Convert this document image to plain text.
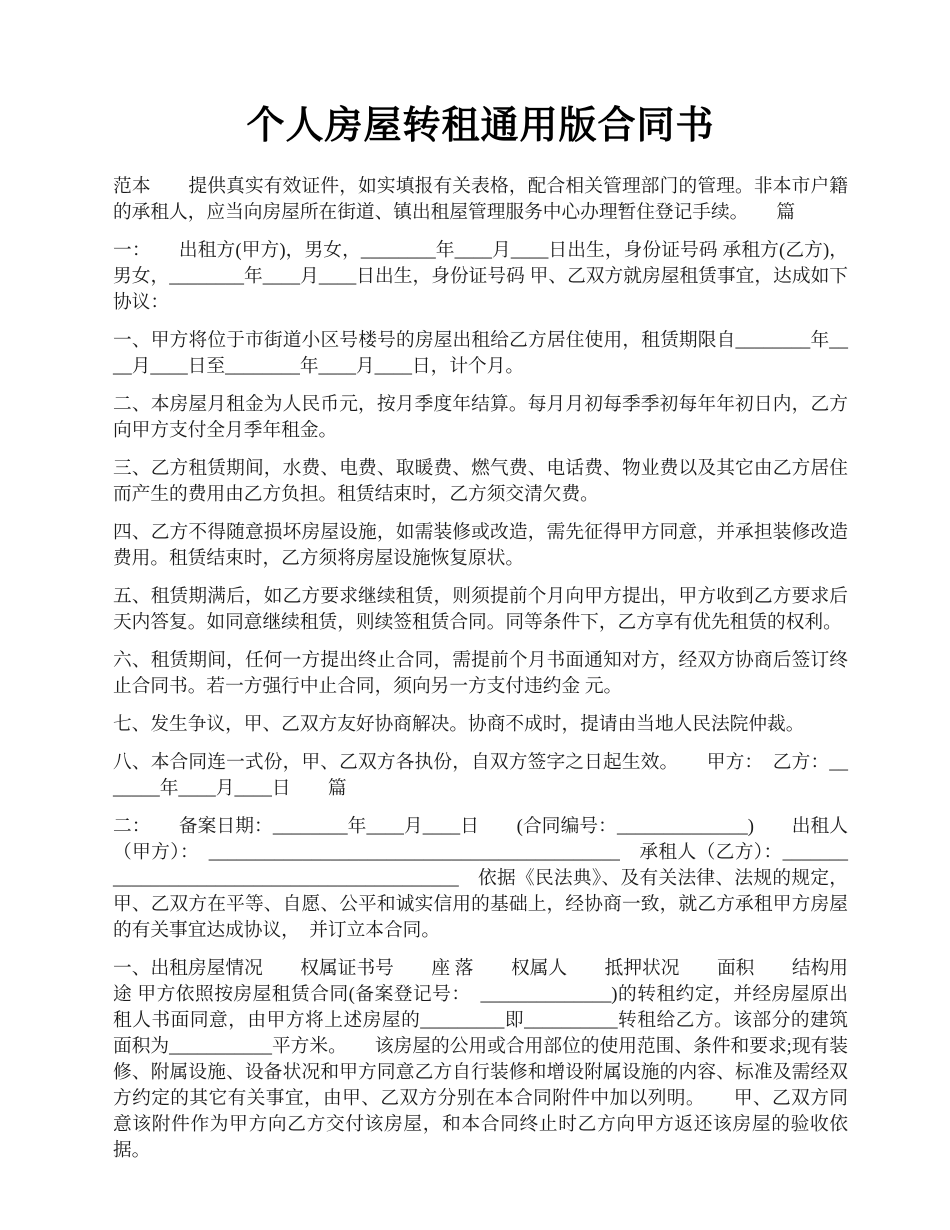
个人房屋转租通用版合同书

范本　　提供真实有效证件，如实填报有关表格，配合相关管理部门的管理。非本市户籍的承租人，应当向房屋所在街道、镇出租屋管理服务中心办理暂住登记手续。　　篇

一：　　出租方(甲方)，男女，________年____月____日出生，身份证号码 承租方(乙方)，男女，________年____月____日出生，身份证号码 甲、乙双方就房屋租赁事宜，达成如下协议：

一、甲方将位于市街道小区号楼号的房屋出租给乙方居住使用，租赁期限自________年____月____日至________年____月____日，计个月。

二、本房屋月租金为人民币元，按月季度年结算。每月月初每季季初每年年初日内，乙方向甲方支付全月季年租金。

三、乙方租赁期间，水费、电费、取暖费、燃气费、电话费、物业费以及其它由乙方居住而产生的费用由乙方负担。租赁结束时，乙方须交清欠费。

四、乙方不得随意损坏房屋设施，如需装修或改造，需先征得甲方同意，并承担装修改造费用。租赁结束时，乙方须将房屋设施恢复原状。

五、租赁期满后，如乙方要求继续租赁，则须提前个月向甲方提出，甲方收到乙方要求后天内答复。如同意继续租赁，则续签租赁合同。同等条件下，乙方享有优先租赁的权利。

六、租赁期间，任何一方提出终止合同，需提前个月书面通知对方，经双方协商后签订终止合同书。若一方强行中止合同，须向另一方支付违约金 元。

七、发生争议，甲、乙双方友好协商解决。协商不成时，提请由当地人民法院仲裁。

八、本合同连一式份，甲、乙双方各执份，自双方签字之日起生效。　　甲方：　乙方：_______年____月____日　　篇

二：　　备案日期：________年____月____日　　(合同编号：______________)　　出租人（甲方）：　____________________________________________　承租人（乙方）：____________________________________________　依据《民法典》、及有关法律、法规的规定，甲、乙双方在平等、自愿、公平和诚实信用的基础上，经协商一致，就乙方承租甲方房屋的有关事宜达成协议，　并订立本合同。

一、出租房屋情况　　权属证书号　　座 落　　权属人　　抵押状况　　面积　　结构用途 甲方依照按房屋租赁合同(备案登记号：　______________)的转租约定，并经房屋原出租人书面同意，由甲方将上述房屋的_________即__________转租给乙方。该部分的建筑面积为___________平方米。　　该房屋的公用或合用部位的使用范围、条件和要求;现有装修、附属设施、设备状况和甲方同意乙方自行装修和增设附属设施的内容、标准及需经双方约定的其它有关事宜，由甲、乙双方分别在本合同附件中加以列明。　　甲、乙双方同意该附件作为甲方向乙方交付该房屋，和本合同终止时乙方向甲方返还该房屋的验收依据。
